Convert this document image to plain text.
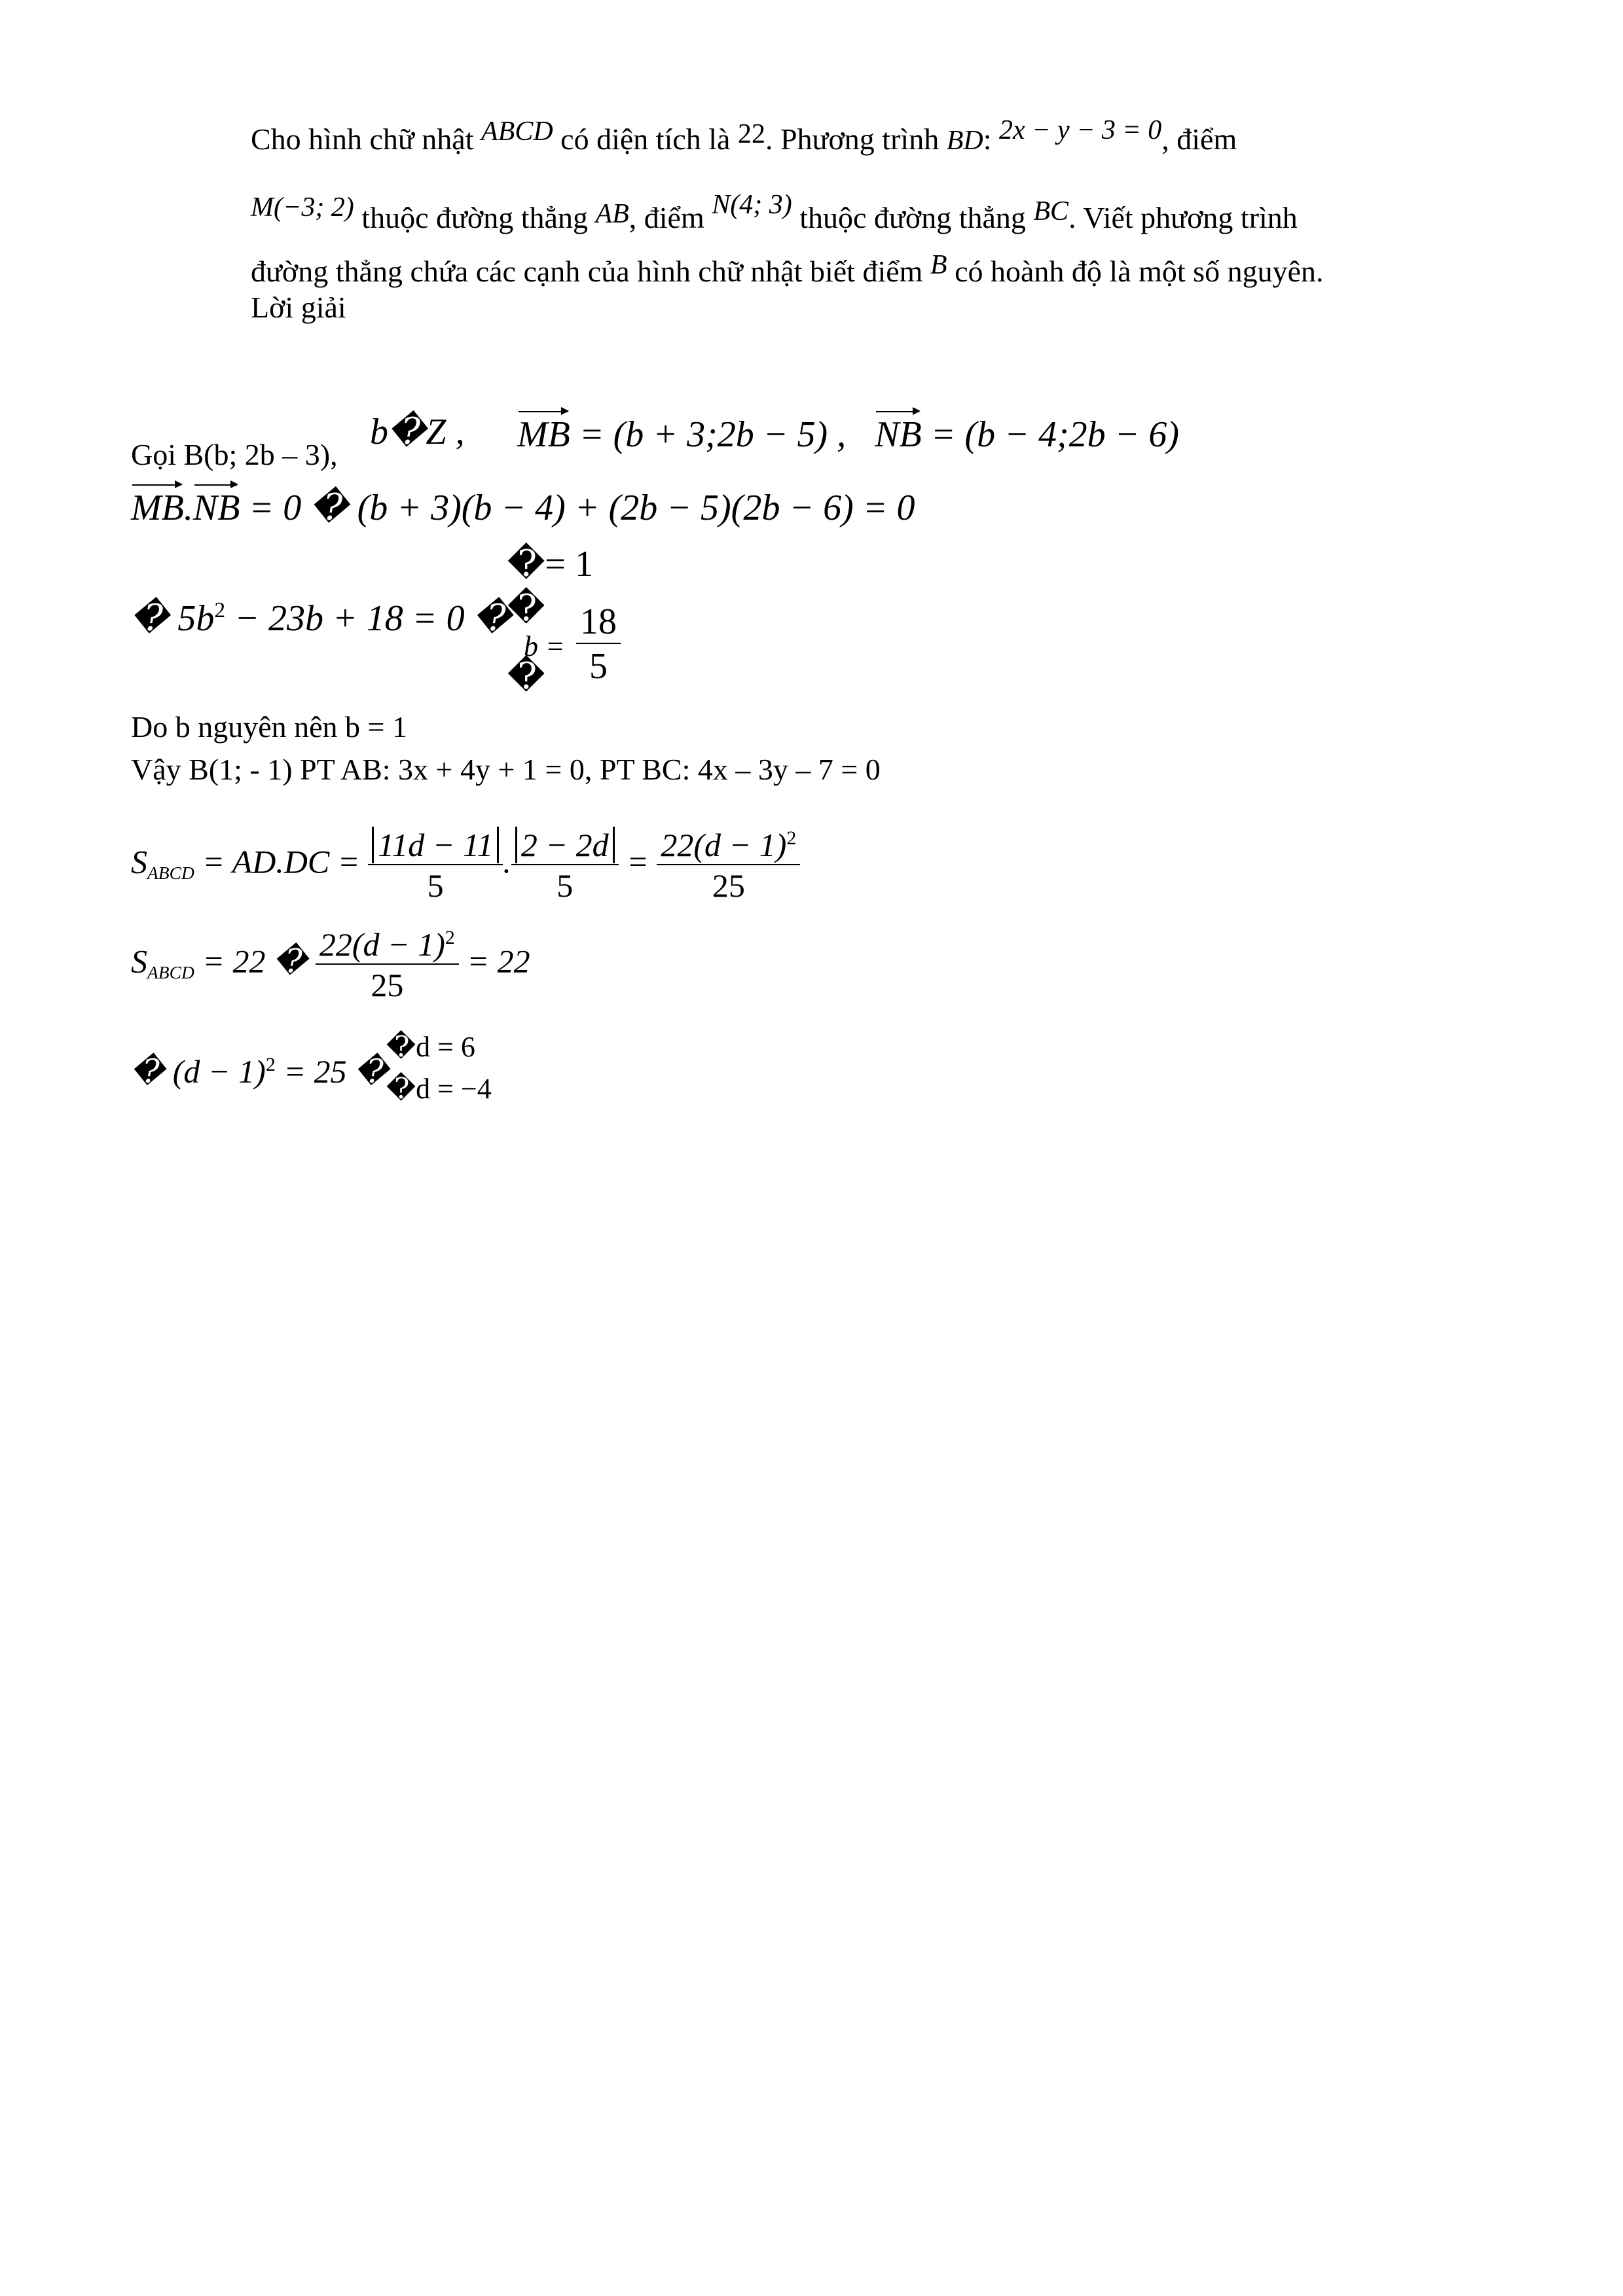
Cho hình chữ nhật ABCD có diện tích là 22. Phương trình BD: 2x − y − 3 = 0, điểm
M(−3; 2) thuộc đường thẳng AB, điểm N(4; 3) thuộc đường thẳng BC. Viết phương trình
đường thẳng chứa các cạnh của hình chữ nhật biết điểm B có hoành độ là một số nguyên.
Lời giải
Gọi B(b; 2b – 3),
b�Z , MB = (b + 3;2b − 5) , NB = (b − 4;2b − 6)
MB.NB = 0 � (b + 3)(b − 4) + (2b − 5)(2b − 6) = 0
� $5b^2 - 23b + 18 = 0$ �
�= 1
�
�
$b = \frac{18}{5}$
Do b nguyên nên b = 1
Vậy B(1; - 1) PT AB: 3x + 4y + 1 = 0, PT BC: 4x – 3y – 7 = 0
$S_{ABCD} = AD.DC = \frac{11d - 11}{5}$ . $\frac{2 - 2d}{5} = \frac{22(d - 1)^2}{25}$
$S_{ABCD} = 22$ � $\frac{22(d - 1)^2}{25} = 22$
� $(d - 1)^2 = 25$ �
�d = 6
�d = −4
